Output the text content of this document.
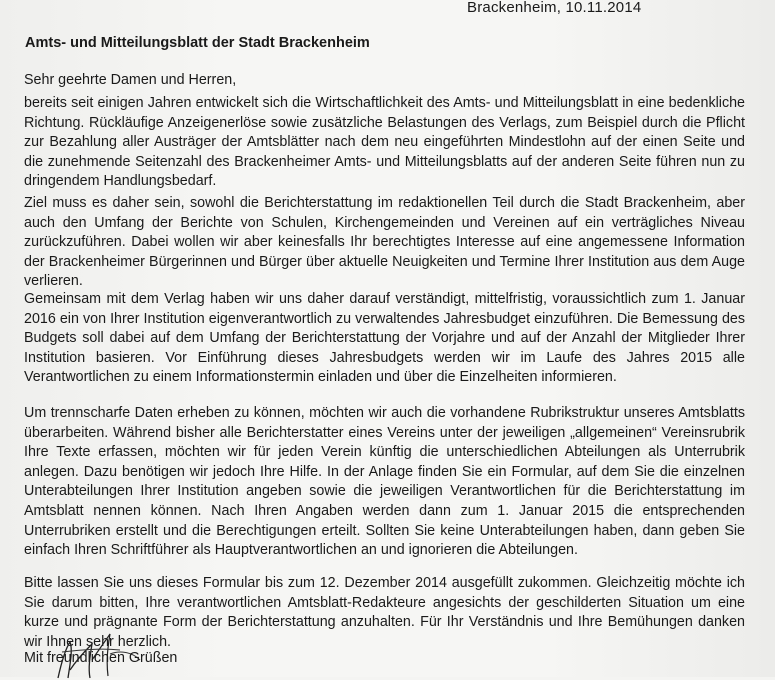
Brackenheim, 10.11.2014
Amts- und Mitteilungsblatt der Stadt Brackenheim
Sehr geehrte Damen und Herren,
bereits seit einigen Jahren entwickelt sich die Wirtschaftlichkeit des Amts- und Mitteilungsblatt in eine bedenkliche Richtung. Rückläufige Anzeigenerlöse sowie zusätzliche Belastungen des Verlags, zum Beispiel durch die Pflicht zur Bezahlung aller Austräger der Amtsblätter nach dem neu eingeführten Mindestlohn auf der einen Seite und die zunehmende Seitenzahl des Brackenheimer Amts- und Mitteilungsblatts auf der anderen Seite führen nun zu dringendem Handlungsbedarf.
Ziel muss es daher sein, sowohl die Berichterstattung im redaktionellen Teil durch die Stadt Brackenheim, aber auch den Umfang der Berichte von Schulen, Kirchengemeinden und Vereinen auf ein verträgliches Niveau zurückzuführen. Dabei wollen wir aber keinesfalls Ihr berechtigtes Interesse auf eine angemessene Information der Brackenheimer Bürgerinnen und Bürger über aktuelle Neuigkeiten und Termine Ihrer Institution aus dem Auge verlieren.
Gemeinsam mit dem Verlag haben wir uns daher darauf verständigt, mittelfristig, voraussichtlich zum 1. Januar 2016 ein von Ihrer Institution eigenverantwortlich zu verwaltendes Jahresbudget einzuführen. Die Bemessung des Budgets soll dabei auf dem Umfang der Berichterstattung der Vorjahre und auf der Anzahl der Mitglieder Ihrer Institution basieren. Vor Einführung dieses Jahresbudgets werden wir im Laufe des Jahres 2015 alle Verantwortlichen zu einem Informationstermin einladen und über die Einzelheiten informieren.
Um trennscharfe Daten erheben zu können, möchten wir auch die vorhandene Rubrikstruktur unseres Amtsblatts überarbeiten. Während bisher alle Berichterstatter eines Vereins unter der jeweiligen „allgemeinen“ Vereinsrubrik Ihre Texte erfassen, möchten wir für jeden Verein künftig die unterschiedlichen Abteilungen als Unterrubrik anlegen. Dazu benötigen wir jedoch Ihre Hilfe. In der Anlage finden Sie ein Formular, auf dem Sie die einzelnen Unterabteilungen Ihrer Institution angeben sowie die jeweiligen Verantwortlichen für die Berichterstattung im Amtsblatt nennen können. Nach Ihren Angaben werden dann zum 1. Januar 2015 die entsprechenden Unterrubriken erstellt und die Berechtigungen erteilt. Sollten Sie keine Unterabteilungen haben, dann geben Sie einfach Ihren Schriftführer als Hauptverantwortlichen an und ignorieren die Abteilungen.
Bitte lassen Sie uns dieses Formular bis zum 12. Dezember 2014 ausgefüllt zukommen. Gleichzeitig möchte ich Sie darum bitten, Ihre verantwortlichen Amtsblatt-Redakteure angesichts der geschilderten Situation um eine kurze und prägnante Form der Berichterstattung anzuhalten. Für Ihr Verständnis und Ihre Bemühungen danken wir Ihnen sehr herzlich.
Mit freundlichen Grüßen
